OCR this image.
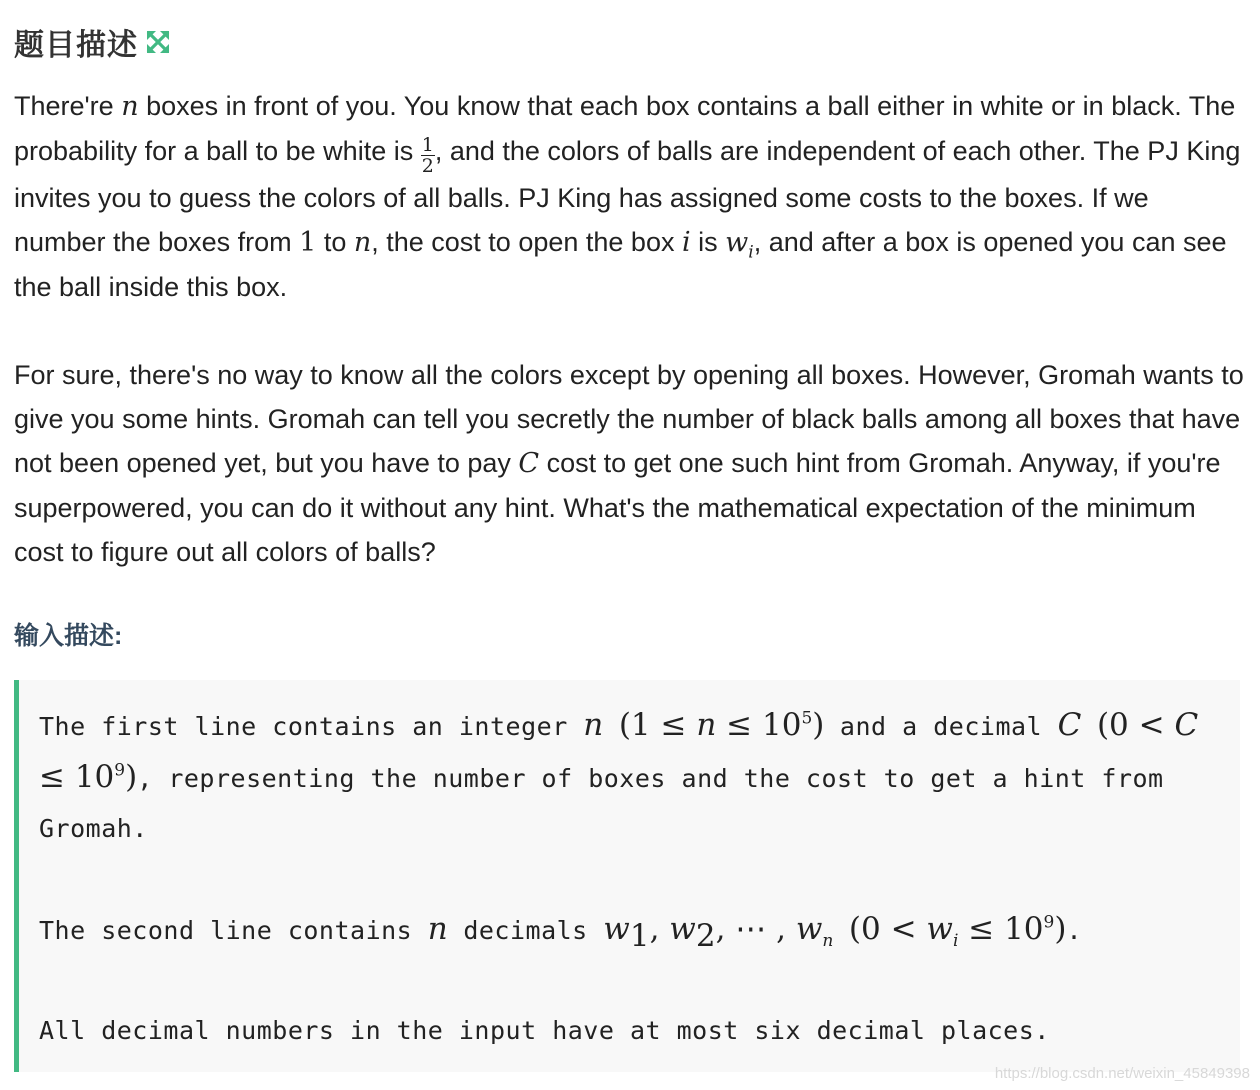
题目描述

There're n boxes in front of you. You know that each box contains a ball either in white or in black. The probability for a ball to be white is $\frac{1}{2}$ , and the colors of balls are independent of each other. The PJ King invites you to guess the colors of all balls. PJ King has assigned some costs to the boxes. If we number the boxes from 1 to n, the cost to open the box i is $w_i$, and after a box is opened you can see the ball inside this box.

For sure, there's no way to know all the colors except by opening all boxes. However, Gromah wants to give you some hints. Gromah can tell you secretly the number of black balls among all boxes that have not been opened yet, but you have to pay C cost to get one such hint from Gromah. Anyway, if you're superpowered, you can do it without any hint. What's the mathematical expectation of the minimum cost to figure out all colors of balls?

输入描述:

The first line contains an integer n $(1 \le n \le 10^5)$ and a decimal C $(0 < C \le 10^9)$, representing the number of boxes and the cost to get a hint from Gromah.

The second line contains n decimals $w_1$, $w_2$, ⋯ , $w_n$ $(0 < w_i \le 10^9)$.

All decimal numbers in the input have at most six decimal places.

https://blog.csdn.net/weixin_45849398
